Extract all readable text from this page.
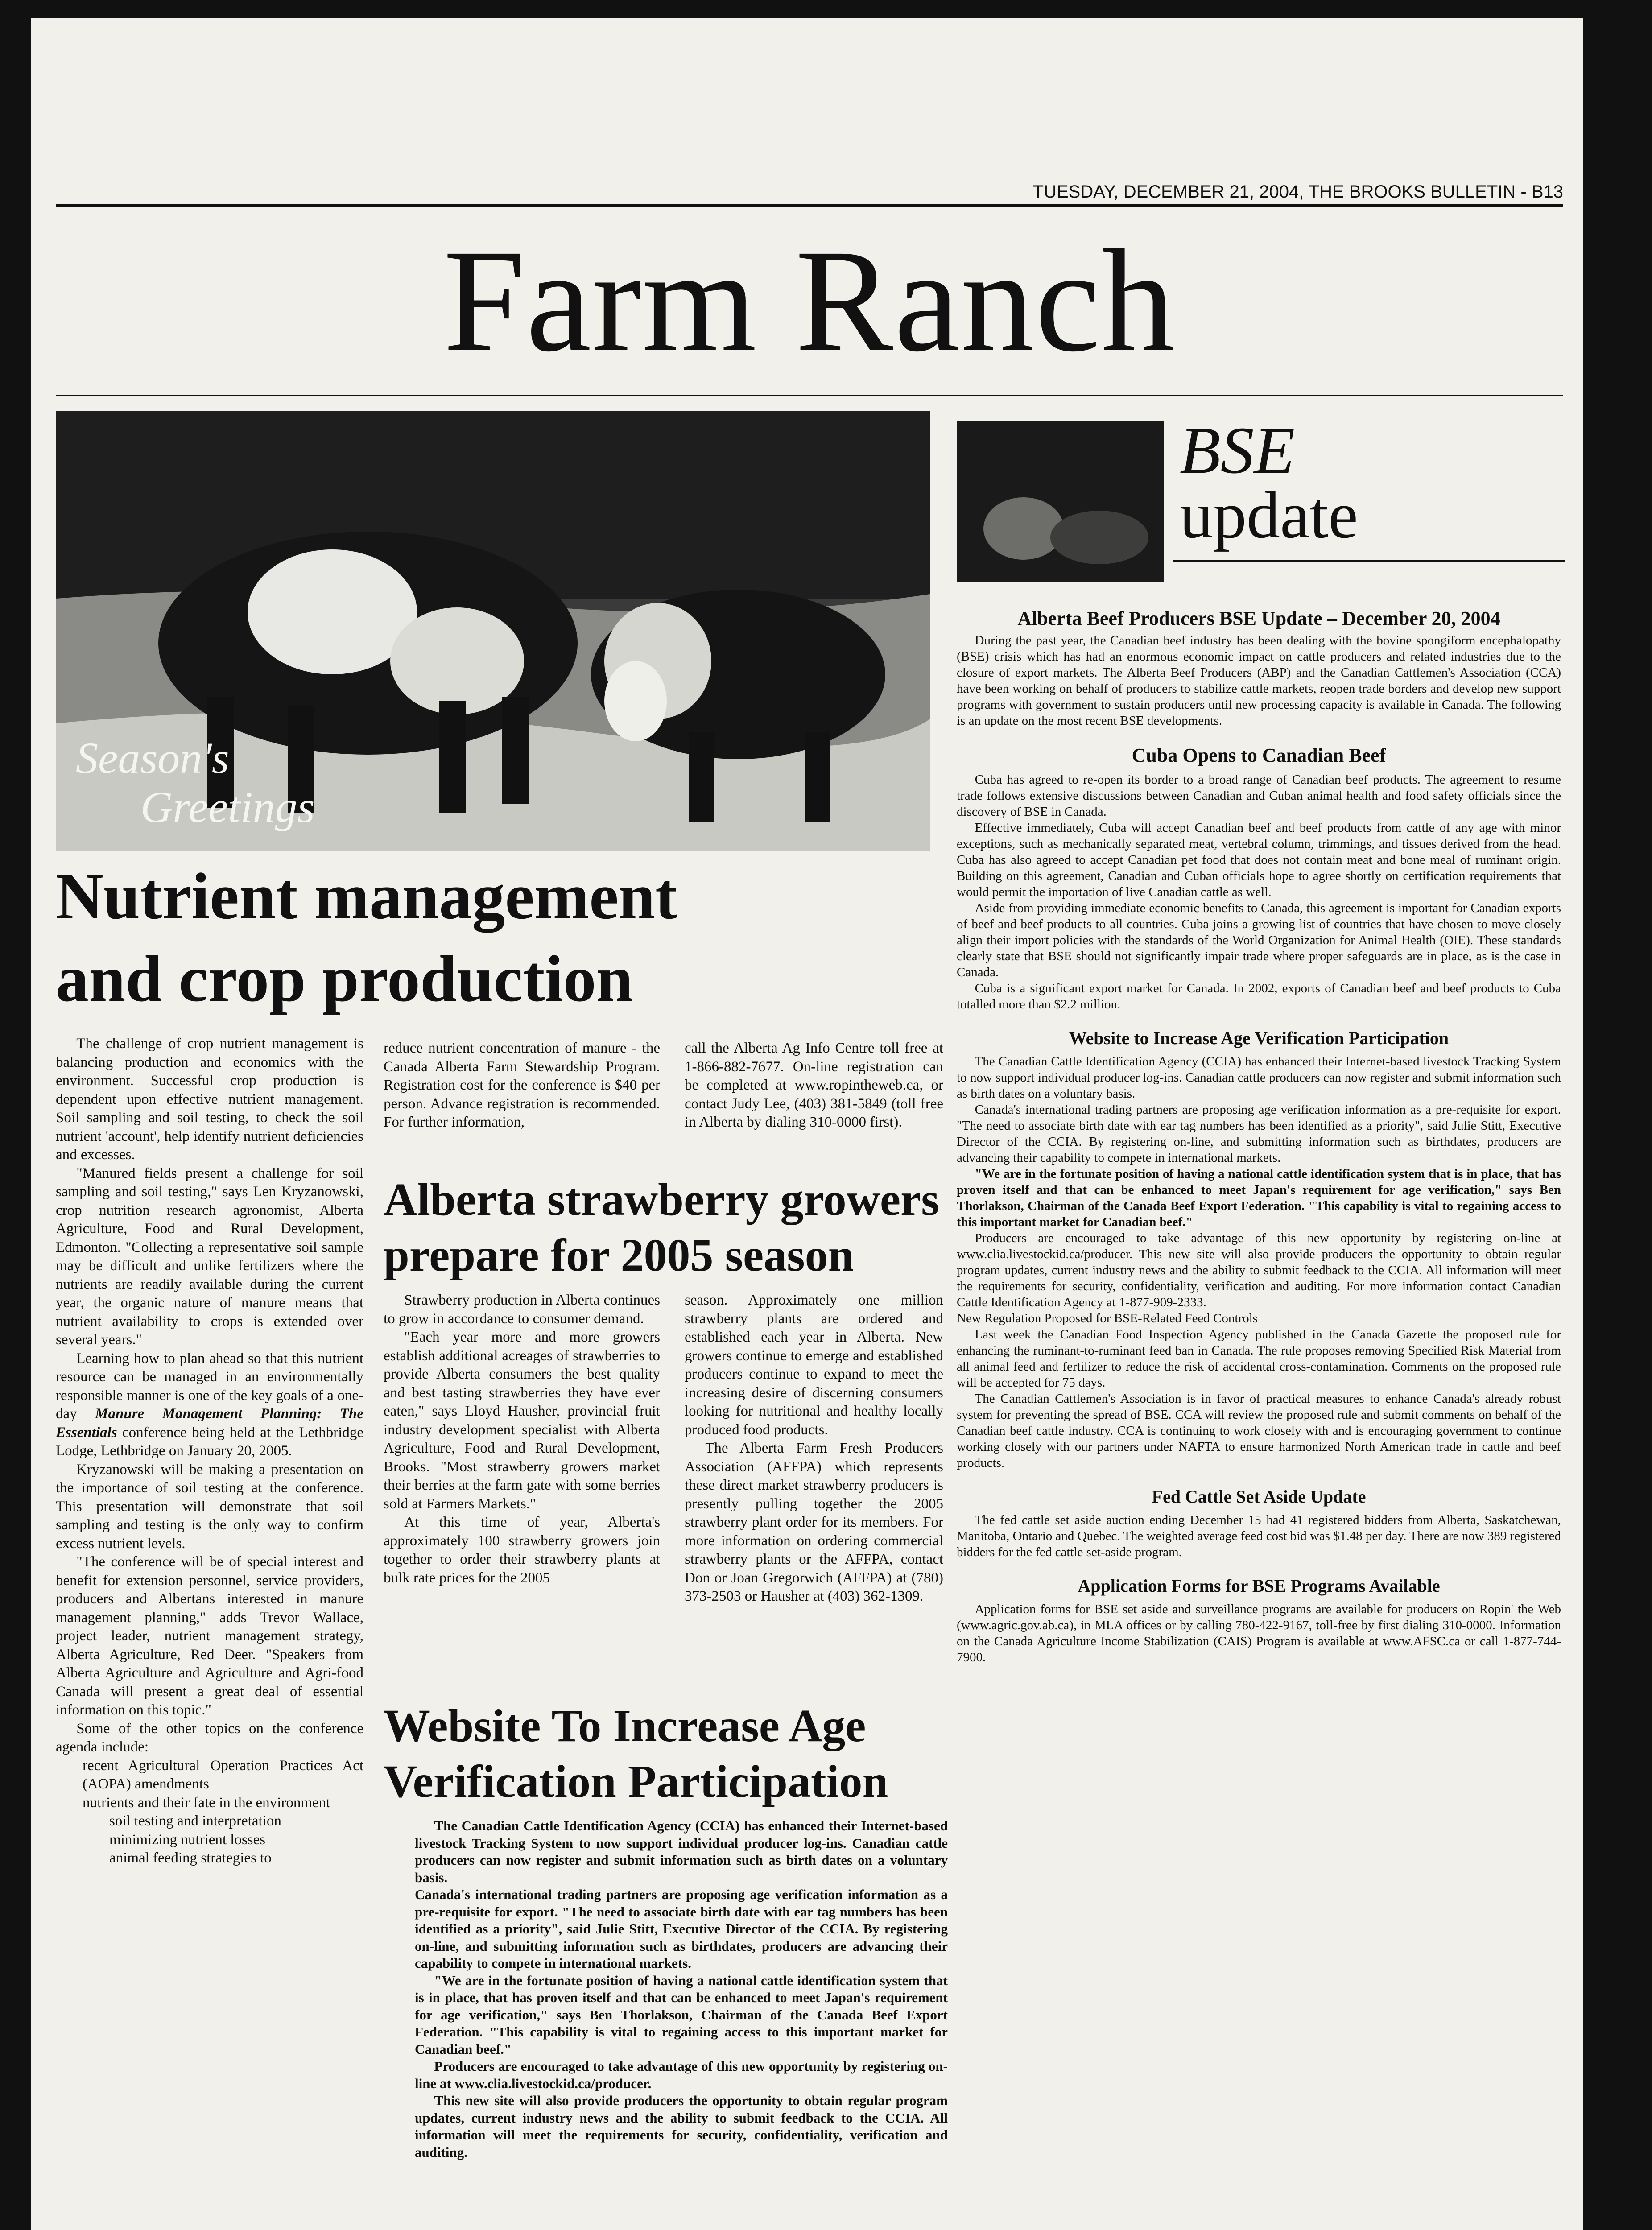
TUESDAY, DECEMBER 21, 2004, THE BROOKS BULLETIN - B13
Farm Ranch
Season's
Greetings
BSE
update

Alberta Beef Producers BSE Update – December 20, 2004

During the past year, the Canadian beef industry has been dealing with the bovine spongiform encephalopathy (BSE) crisis which has had an enormous economic impact on cattle producers and related industries due to the closure of export markets. The Alberta Beef Producers (ABP) and the Canadian Cattlemen's Association (CCA) have been working on behalf of producers to stabilize cattle markets, reopen trade borders and develop new support programs with government to sustain producers until new processing capacity is available in Canada. The following is an update on the most recent BSE developments.

Cuba Opens to Canadian Beef

Cuba has agreed to re-open its border to a broad range of Canadian beef products. The agreement to resume trade follows extensive discussions between Canadian and Cuban animal health and food safety officials since the discovery of BSE in Canada.

Effective immediately, Cuba will accept Canadian beef and beef products from cattle of any age with minor exceptions, such as mechanically separated meat, vertebral column, trimmings, and tissues derived from the head. Cuba has also agreed to accept Canadian pet food that does not contain meat and bone meal of ruminant origin. Building on this agreement, Canadian and Cuban officials hope to agree shortly on certification requirements that would permit the importation of live Canadian cattle as well.

Aside from providing immediate economic benefits to Canada, this agreement is important for Canadian exports of beef and beef products to all countries. Cuba joins a growing list of countries that have chosen to move closely align their import policies with the standards of the World Organization for Animal Health (OIE). These standards clearly state that BSE should not significantly impair trade where proper safeguards are in place, as is the case in Canada.

Cuba is a significant export market for Canada. In 2002, exports of Canadian beef and beef products to Cuba totalled more than $2.2 million.

Website to Increase Age Verification Participation

The Canadian Cattle Identification Agency (CCIA) has enhanced their Internet-based livestock Tracking System to now support individual producer log-ins. Canadian cattle producers can now register and submit information such as birth dates on a voluntary basis.

Canada's international trading partners are proposing age verification information as a pre-requisite for export. "The need to associate birth date with ear tag numbers has been identified as a priority", said Julie Stitt, Executive Director of the CCIA. By registering on-line, and submitting information such as birthdates, producers are advancing their capability to compete in international markets.

"We are in the fortunate position of having a national cattle identification system that is in place, that has proven itself and that can be enhanced to meet Japan's requirement for age verification," says Ben Thorlakson, Chairman of the Canada Beef Export Federation. "This capability is vital to regaining access to this important market for Canadian beef."

Producers are encouraged to take advantage of this new opportunity by registering on-line at www.clia.livestockid.ca/producer. This new site will also provide producers the opportunity to obtain regular program updates, current industry news and the ability to submit feedback to the CCIA. All information will meet the requirements for security, confidentiality, verification and auditing. For more information contact Canadian Cattle Identification Agency at 1-877-909-2333.

New Regulation Proposed for BSE-Related Feed Controls

Last week the Canadian Food Inspection Agency published in the Canada Gazette the proposed rule for enhancing the ruminant-to-ruminant feed ban in Canada. The rule proposes removing Specified Risk Material from all animal feed and fertilizer to reduce the risk of accidental cross-contamination. Comments on the proposed rule will be accepted for 75 days.

The Canadian Cattlemen's Association is in favor of practical measures to enhance Canada's already robust system for preventing the spread of BSE. CCA will review the proposed rule and submit comments on behalf of the Canadian beef cattle industry. CCA is continuing to work closely with and is encouraging government to continue working closely with our partners under NAFTA to ensure harmonized North American trade in cattle and beef products.

Fed Cattle Set Aside Update

The fed cattle set aside auction ending December 15 had 41 registered bidders from Alberta, Saskatchewan, Manitoba, Ontario and Quebec. The weighted average feed cost bid was $1.48 per day. There are now 389 registered bidders for the fed cattle set-aside program.

Application Forms for BSE Programs Available

Application forms for BSE set aside and surveillance programs are available for producers on Ropin' the Web (www.agric.gov.ab.ca), in MLA offices or by calling 780-422-9167, toll-free by first dialing 310-0000. Information on the Canada Agriculture Income Stabilization (CAIS) Program is available at www.AFSC.ca or call 1-877-744-7900.

Nutrient management
and crop production

The challenge of crop nutrient management is balancing production and economics with the environment. Successful crop production is dependent upon effective nutrient management. Soil sampling and soil testing, to check the soil nutrient 'account', help identify nutrient deficiencies and excesses.

"Manured fields present a challenge for soil sampling and soil testing," says Len Kryzanowski, crop nutrition research agronomist, Alberta Agriculture, Food and Rural Development, Edmonton. "Collecting a representative soil sample may be difficult and unlike fertilizers where the nutrients are readily available during the current year, the organic nature of manure means that nutrient availability to crops is extended over several years."

Learning how to plan ahead so that this nutrient resource can be managed in an environmentally responsible manner is one of the key goals of a one-day Manure Management Planning: The Essentials conference being held at the Lethbridge Lodge, Lethbridge on January 20, 2005.

Kryzanowski will be making a presentation on the importance of soil testing at the conference. This presentation will demonstrate that soil sampling and testing is the only way to confirm excess nutrient levels.

"The conference will be of special interest and benefit for extension personnel, service providers, producers and Albertans interested in manure management planning," adds Trevor Wallace, project leader, nutrient management strategy, Alberta Agriculture, Red Deer. "Speakers from Alberta Agriculture and Agriculture and Agri-food Canada will present a great deal of essential information on this topic."

Some of the other topics on the conference agenda include:

recent Agricultural Operation Practices Act (AOPA) amendments

nutrients and their fate in the environment

soil testing and interpretation

minimizing nutrient losses

animal feeding strategies to

reduce nutrient concentration of manure - the Canada Alberta Farm Stewardship Program. Registration cost for the conference is $40 per person. Advance registration is recommended. For further information,

call the Alberta Ag Info Centre toll free at 1-866-882-7677. On-line registration can be completed at www.ropintheweb.ca, or contact Judy Lee, (403) 381-5849 (toll free in Alberta by dialing 310-0000 first).

Alberta strawberry growers
prepare for 2005 season

Strawberry production in Alberta continues to grow in accordance to consumer demand.

"Each year more and more growers establish additional acreages of strawberries to provide Alberta consumers the best quality and best tasting strawberries they have ever eaten," says Lloyd Hausher, provincial fruit industry development specialist with Alberta Agriculture, Food and Rural Development, Brooks. "Most strawberry growers market their berries at the farm gate with some berries sold at Farmers Markets."

At this time of year, Alberta's approximately 100 strawberry growers join together to order their strawberry plants at bulk rate prices for the 2005

season. Approximately one million strawberry plants are ordered and established each year in Alberta. New growers continue to emerge and established producers continue to expand to meet the increasing desire of discerning consumers looking for nutritional and healthy locally produced food products.

The Alberta Farm Fresh Producers Association (AFFPA) which represents these direct market strawberry producers is presently pulling together the 2005 strawberry plant order for its members. For more information on ordering commercial strawberry plants or the AFFPA, contact Don or Joan Gregorwich (AFFPA) at (780) 373-2503 or Hausher at (403) 362-1309.

Website To Increase Age
Verification Participation

The Canadian Cattle Identification Agency (CCIA) has enhanced their Internet-based livestock Tracking System to now support individual producer log-ins. Canadian cattle producers can now register and submit information such as birth dates on a voluntary basis.

Canada's international trading partners are proposing age verification information as a pre-requisite for export. "The need to associate birth date with ear tag numbers has been identified as a priority", said Julie Stitt, Executive Director of the CCIA. By registering on-line, and submitting information such as birthdates, producers are advancing their capability to compete in international markets.

"We are in the fortunate position of having a national cattle identification system that is in place, that has proven itself and that can be enhanced to meet Japan's requirement for age verification," says Ben Thorlakson, Chairman of the Canada Beef Export Federation. "This capability is vital to regaining access to this important market for Canadian beef."

Producers are encouraged to take advantage of this new opportunity by registering on-line at www.clia.livestockid.ca/producer.

This new site will also provide producers the opportunity to obtain regular program updates, current industry news and the ability to submit feedback to the CCIA. All information will meet the requirements for security, confidentiality, verification and auditing.
